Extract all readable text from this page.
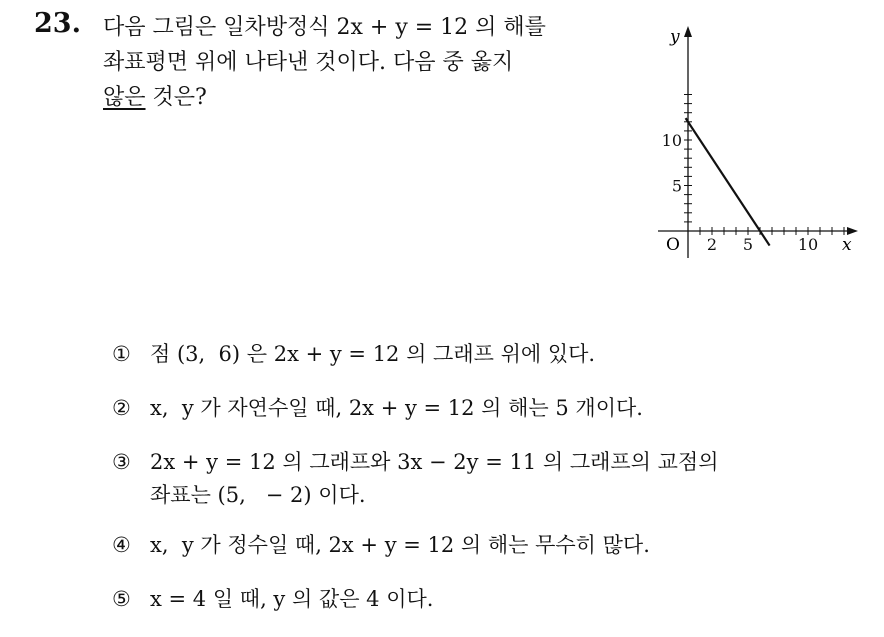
23. 다음 그림은 일차방정식 2x + y = 12 의 해를
좌표평면 위에 나타낸 것이다. 다음 중 옳지
않은 것은?
2 5	10
5
10
x
y
O
① 점 (3,  6) 은 2x + y = 12 의 그래프 위에 있다.
② x,  y 가 자연수일 때, 2x + y = 12 의 해는 5 개이다.
③ 2x + y = 12 의 그래프와 3x − 2y = 11 의 그래프의 교점의
좌표는 (5,   − 2) 이다.
④ x,  y 가 정수일 때, 2x + y = 12 의 해는 무수히 많다.
⑤ x = 4 일 때, y 의 값은 4 이다.
